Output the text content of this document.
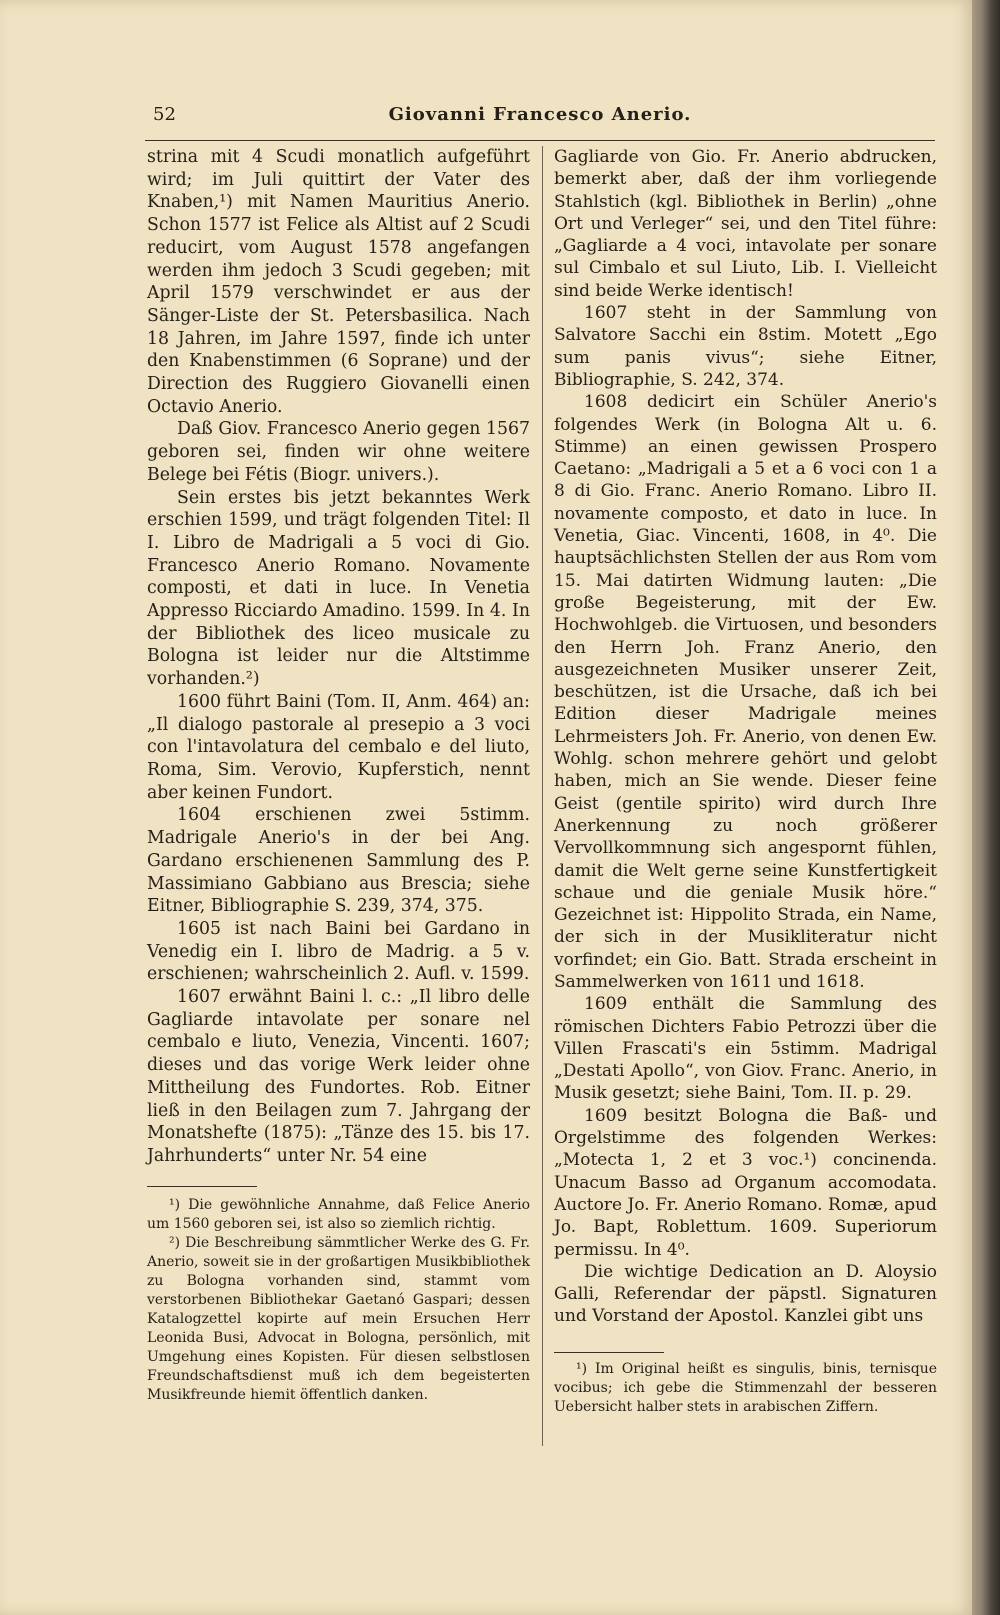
52	Giovanni Francesco Anerio.

strina mit 4 Scudi monatlich aufgeführt wird; im Juli quittirt der Vater des Knaben,¹) mit Namen Mauritius Anerio. Schon 1577 ist Felice als Altist auf 2 Scudi reducirt, vom August 1578 angefangen werden ihm jedoch 3 Scudi gegeben; mit April 1579 verschwindet er aus der Sänger-Liste der St. Petersbasilica. Nach 18 Jahren, im Jahre 1597, finde ich unter den Knabenstimmen (6 Soprane) und der Direction des Ruggiero Giovanelli einen Octavio Anerio.

Daß Giov. Francesco Anerio gegen 1567 geboren sei, finden wir ohne weitere Belege bei Fétis (Biogr. univers.).

Sein erstes bis jetzt bekanntes Werk erschien 1599, und trägt folgenden Titel: Il I. Libro de Madrigali a 5 voci di Gio. Francesco Anerio Romano. Novamente composti, et dati in luce. In Venetia Appresso Ricciardo Amadino. 1599. In 4. In der Bibliothek des liceo musicale zu Bologna ist leider nur die Altstimme vorhanden.²)

1600 führt Baini (Tom. II, Anm. 464) an: „Il dialogo pastorale al presepio a 3 voci con l'intavolatura del cembalo e del liuto, Roma, Sim. Verovio, Kupferstich, nennt aber keinen Fundort.

1604 erschienen zwei 5stimm. Madrigale Anerio's in der bei Ang. Gardano erschienenen Sammlung des P. Massimiano Gabbiano aus Brescia; siehe Eitner, Bibliographie S. 239, 374, 375.

1605 ist nach Baini bei Gardano in Venedig ein I. libro de Madrig. a 5 v. erschienen; wahrscheinlich 2. Aufl. v. 1599.

1607 erwähnt Baini l. c.: „Il libro delle Gagliarde intavolate per sonare nel cembalo e liuto, Venezia, Vincenti. 1607; dieses und das vorige Werk leider ohne Mittheilung des Fundortes. Rob. Eitner ließ in den Beilagen zum 7. Jahrgang der Monatshefte (1875): „Tänze des 15. bis 17. Jahrhunderts“ unter Nr. 54 eine

Gagliarde von Gio. Fr. Anerio abdrucken, bemerkt aber, daß der ihm vorliegende Stahlstich (kgl. Bibliothek in Berlin) „ohne Ort und Verleger“ sei, und den Titel führe: „Gagliarde a 4 voci, intavolate per sonare sul Cimbalo et sul Liuto, Lib. I. Vielleicht sind beide Werke identisch!

1607 steht in der Sammlung von Salvatore Sacchi ein 8stim. Motett „Ego sum panis vivus“; siehe Eitner, Bibliographie, S. 242, 374.

1608 dedicirt ein Schüler Anerio's folgendes Werk (in Bologna Alt u. 6. Stimme) an einen gewissen Prospero Caetano: „Madrigali a 5 et a 6 voci con 1 a 8 di Gio. Franc. Anerio Romano. Libro II. novamente composto, et dato in luce. In Venetia, Giac. Vincenti, 1608, in 4⁰. Die hauptsächlichsten Stellen der aus Rom vom 15. Mai datirten Widmung lauten: „Die große Begeisterung, mit der Ew. Hochwohlgeb. die Virtuosen, und besonders den Herrn Joh. Franz Anerio, den ausgezeichneten Musiker unserer Zeit, beschützen, ist die Ursache, daß ich bei Edition dieser Madrigale meines Lehrmeisters Joh. Fr. Anerio, von denen Ew. Wohlg. schon mehrere gehört und gelobt haben, mich an Sie wende. Dieser feine Geist (gentile spirito) wird durch Ihre Anerkennung zu noch größerer Vervollkommnung sich angespornt fühlen, damit die Welt gerne seine Kunstfertigkeit schaue und die geniale Musik höre.“ Gezeichnet ist: Hippolito Strada, ein Name, der sich in der Musikliteratur nicht vorfindet; ein Gio. Batt. Strada erscheint in Sammelwerken von 1611 und 1618.

1609 enthält die Sammlung des römischen Dichters Fabio Petrozzi über die Villen Frascati's ein 5stimm. Madrigal „Destati Apollo“, von Giov. Franc. Anerio, in Musik gesetzt; siehe Baini, Tom. II. p. 29.

1609 besitzt Bologna die Baß- und Orgelstimme des folgenden Werkes: „Motecta 1, 2 et 3 voc.¹) concinenda. Unacum Basso ad Organum accomodata. Auctore Jo. Fr. Anerio Romano. Romæ, apud Jo. Bapt, Roblettum. 1609. Superiorum permissu. In 4⁰.

Die wichtige Dedication an D. Aloysio Galli, Referendar der päpstl. Signaturen und Vorstand der Apostol. Kanzlei gibt uns

¹) Die gewöhnliche Annahme, daß Felice Anerio um 1560 geboren sei, ist also so ziemlich richtig.

²) Die Beschreibung sämmtlicher Werke des G. Fr. Anerio, soweit sie in der großartigen Musikbibliothek zu Bologna vorhanden sind, stammt vom verstorbenen Bibliothekar Gaetanó Gaspari; dessen Katalogzettel kopirte auf mein Ersuchen Herr Leonida Busi, Advocat in Bologna, persönlich, mit Umgehung eines Kopisten. Für diesen selbstlosen Freundschaftsdienst muß ich dem begeisterten Musikfreunde hiemit öffentlich danken.

¹) Im Original heißt es singulis, binis, ternisque vocibus; ich gebe die Stimmenzahl der besseren Uebersicht halber stets in arabischen Ziffern.
